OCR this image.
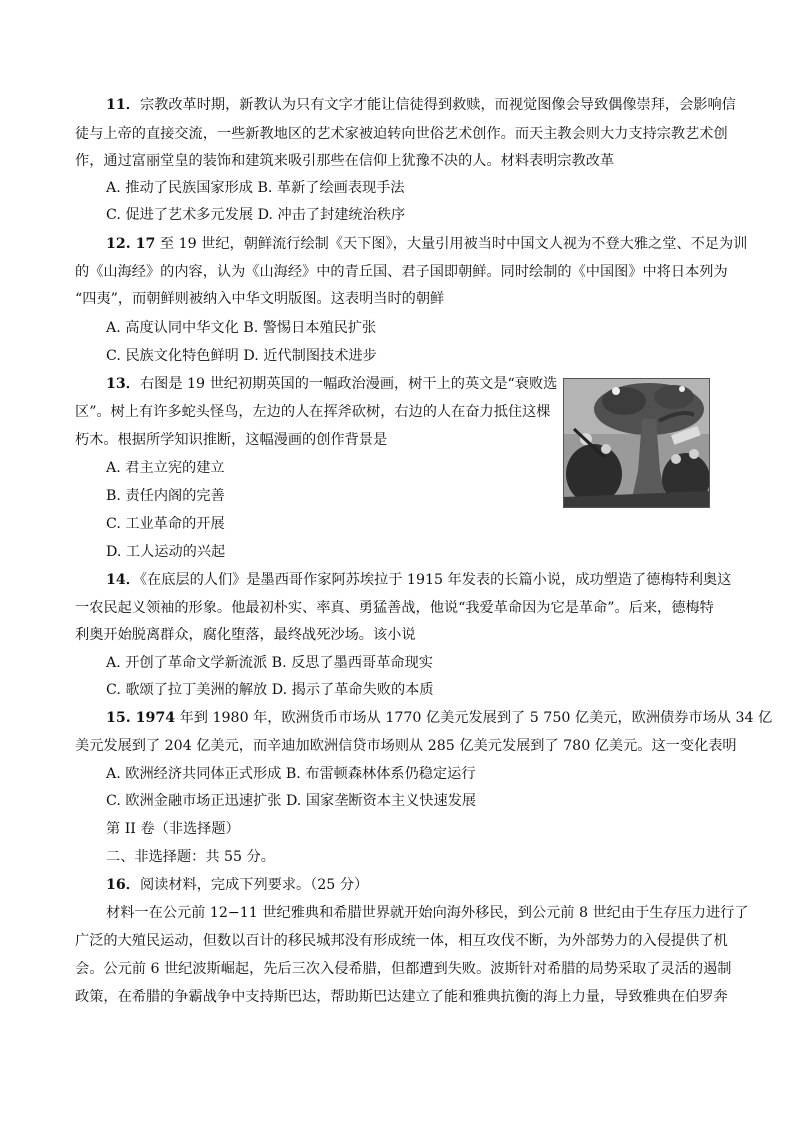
11．宗教改革时期，新教认为只有文字才能让信徒得到救赎，而视觉图像会导致偶像崇拜，会影响信
徒与上帝的直接交流，一些新教地区的艺术家被迫转向世俗艺术创作。而天主教会则大力支持宗教艺术创
作，通过富丽堂皇的装饰和建筑来吸引那些在信仰上犹豫不决的人。材料表明宗教改革
A. 推动了民族国家形成 B. 革新了绘画表现手法
C. 促进了艺术多元发展 D. 冲击了封建统治秩序
12. 17 至 19 世纪，朝鲜流行绘制《天下图》，大量引用被当时中国文人视为不登大雅之堂、不足为训
的《山海经》的内容，认为《山海经》中的青丘国、君子国即朝鲜。同时绘制的《中国图》中将日本列为
“四夷”，而朝鲜则被纳入中华文明版图。这表明当时的朝鲜
A. 高度认同中华文化 B. 警惕日本殖民扩张
C. 民族文化特色鲜明 D. 近代制图技术进步
13．右图是 19 世纪初期英国的一幅政治漫画，树干上的英文是“衰败选
区”。树上有许多蛇头怪鸟，左边的人在挥斧砍树，右边的人在奋力抵住这棵
朽木。根据所学知识推断，这幅漫画的创作背景是
A. 君主立宪的建立
B. 责任内阁的完善
C. 工业革命的开展
D. 工人运动的兴起
14．《在底层的人们》是墨西哥作家阿苏埃拉于 1915 年发表的长篇小说，成功塑造了德梅特利奥这
一农民起义领袖的形象。他最初朴实、率真、勇猛善战，他说“我爱革命因为它是革命”。后来，德梅特
利奥开始脱离群众，腐化堕落，最终战死沙场。该小说
A. 开创了革命文学新流派 B. 反思了墨西哥革命现实
C. 歌颂了拉丁美洲的解放 D. 揭示了革命失败的本质
15. 1974 年到 1980 年，欧洲货币市场从 1770 亿美元发展到了 5 750 亿美元，欧洲债券市场从 34 亿
美元发展到了 204 亿美元，而辛迪加欧洲信贷市场则从 285 亿美元发展到了 780 亿美元。这一变化表明
A. 欧洲经济共同体正式形成 B. 布雷顿森林体系仍稳定运行
C. 欧洲金融市场正迅速扩张 D. 国家垄断资本主义快速发展
第 II 卷（非选择题）
二、非选择题：共 55 分。
16．阅读材料，完成下列要求。（25 分）
材料一在公元前 12−11 世纪雅典和希腊世界就开始向海外移民，到公元前 8 世纪由于生存压力进行了
广泛的大殖民运动，但数以百计的移民城邦没有形成统一体，相互攻伐不断，为外部势力的入侵提供了机
会。公元前 6 世纪波斯崛起，先后三次入侵希腊，但都遭到失败。波斯针对希腊的局势采取了灵活的遏制
政策，在希腊的争霸战争中支持斯巴达，帮助斯巴达建立了能和雅典抗衡的海上力量，导致雅典在伯罗奔
